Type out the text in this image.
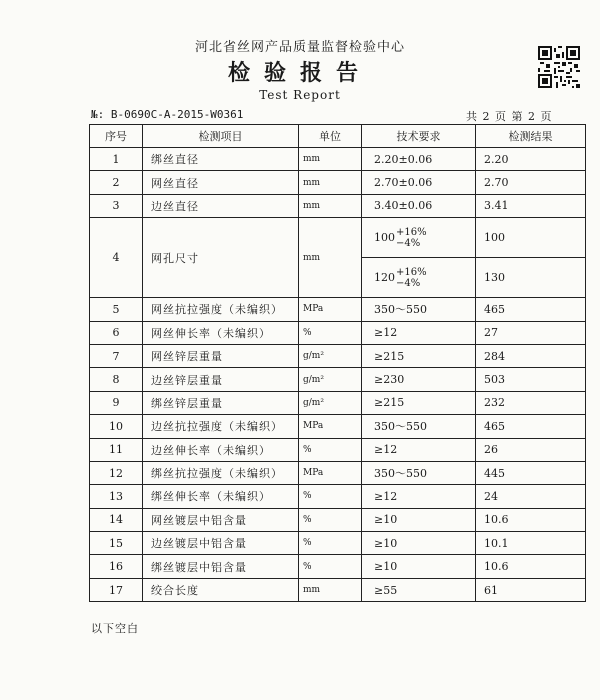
河北省丝网产品质量监督检验中心
检验报告
Test Report
№: B-0690C-A-2015-W0361	共 2 页 第 2 页
序号	检测项目	单位	技术要求	检测结果
1	绑丝直径	mm	2.20±0.06	2.20
2	网丝直径	mm	2.70±0.06	2.70
3	边丝直径	mm	3.40±0.06	3.41
4	网孔尺寸	mm	100 +16%
−4%	100
			120 +16%
−4%	130
5	网丝抗拉强度（未编织）	MPa	350～550	465
6	网丝伸长率（未编织）	%	≥12	27
7	网丝锌层重量	g/m²	≥215	284
8	边丝锌层重量	g/m²	≥230	503
9	绑丝锌层重量	g/m²	≥215	232
10	边丝抗拉强度（未编织）	MPa	350～550	465
11	边丝伸长率（未编织）	%	≥12	26
12	绑丝抗拉强度（未编织）	MPa	350～550	445
13	绑丝伸长率（未编织）	%	≥12	24
14	网丝镀层中铝含量	%	≥10	10.6
15	边丝镀层中铝含量	%	≥10	10.1
16	绑丝镀层中铝含量	%	≥10	10.6
17	绞合长度	mm	≥55	61
以下空白
